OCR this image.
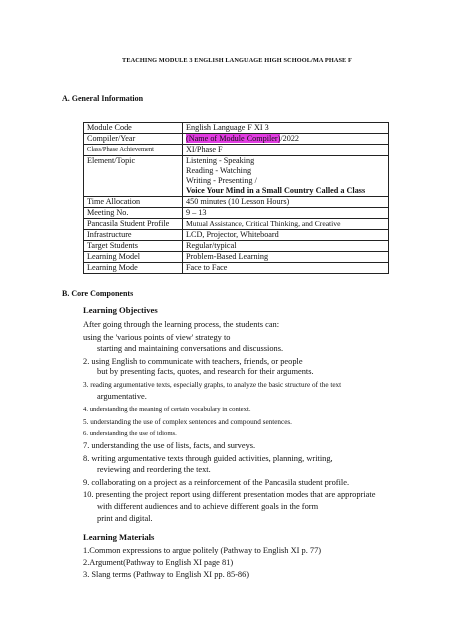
TEACHING MODULE 3 ENGLISH LANGUAGE HIGH SCHOOL/MA PHASE F
A. General Information
Module Code	English Language F XI 3
Compiler/Year	(Name of Module Compiler)/2022
Class/Phase Achievement	XI/Phase F
Element/Topic	Listening - Speaking
Reading - Watching
Writing - Presenting /
Voice Your Mind in a Small Country Called a Class

Time Allocation	450 minutes (10 Lesson Hours)
Meeting No.	9 – 13
Pancasila Student Profile	Mutual Assistance, Critical Thinking, and Creative
Infrastructure	LCD, Projector, Whiteboard
Target Students	Regular/typical
Learning Model	Problem-Based Learning
Learning Mode	Face to Face
B. Core Components
Learning Objectives
After going through the learning process, the students can:
using the 'various points of view' strategy to
starting and maintaining conversations and discussions.
2. using English to communicate with teachers, friends, or people
but by presenting facts, quotes, and research for their arguments.
3. reading argumentative texts, especially graphs, to analyze the basic structure of the text
argumentative.
4. understanding the meaning of certain vocabulary in context.
5. understanding the use of complex sentences and compound sentences.
6. understanding the use of idioms.
7. understanding the use of lists, facts, and surveys.
8. writing argumentative texts through guided activities, planning, writing,
reviewing and reordering the text.
9. collaborating on a project as a reinforcement of the Pancasila student profile.
10. presenting the project report using different presentation modes that are appropriate
with different audiences and to achieve different goals in the form
print and digital.
Learning Materials
1.Common expressions to argue politely (Pathway to English XI p. 77)
2.Argument(Pathway to English XI page 81)
3. Slang terms (Pathway to English XI pp. 85-86)
